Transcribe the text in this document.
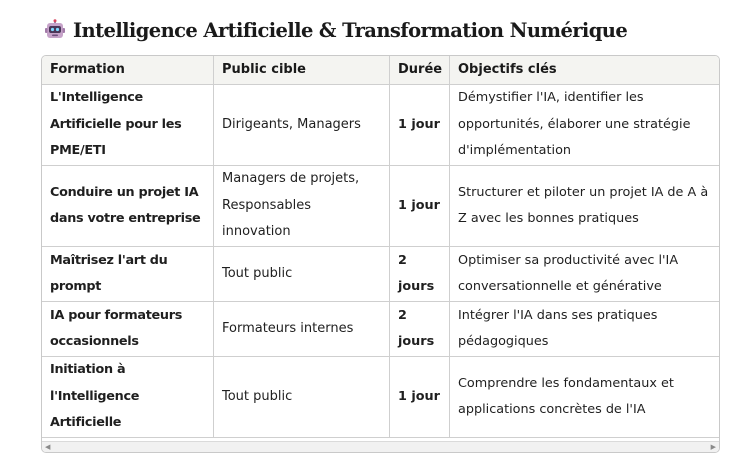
Intelligence Artificielle & Transformation Numérique
Formation	Public cible	Durée	Objectifs clés
L'Intelligence Artificielle pour les PME/ETI	Dirigeants, Managers	1 jour	Démystifier l'IA, identifier les opportunités, élaborer une stratégie d'implémentation
Conduire un projet IA dans votre entreprise	Managers de projets, Responsables innovation	1 jour	Structurer et piloter un projet IA de A à Z avec les bonnes pratiques
Maîtrisez l'art du prompt	Tout public	2 jours	Optimiser sa productivité avec l'IA conversationnelle et générative
IA pour formateurs occasionnels	Formateurs internes	2 jours	Intégrer l'IA dans ses pratiques pédagogiques
Initiation à l'Intelligence Artificielle	Tout public	1 jour	Comprendre les fondamentaux et applications concrètes de l'IA
◀	▶
